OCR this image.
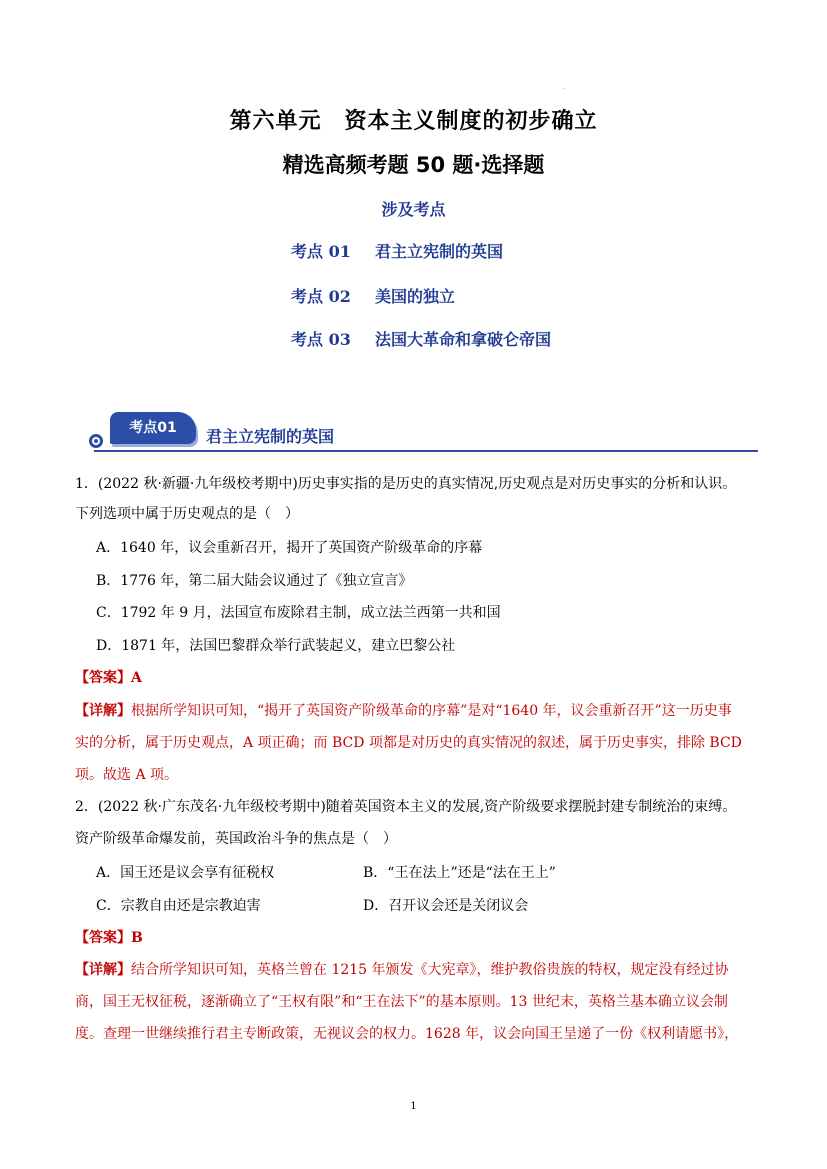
.
第六单元　资本主义制度的初步确立
精选高频考题 50 题·选择题
涉及考点
考点 01 君主立宪制的英国
考点 02 美国的独立
考点 03 法国大革命和拿破仑帝国
考点01	君主立宪制的英国
1．(2022 秋·新疆·九年级校考期中)历史事实指的是历史的真实情况,历史观点是对历史事实的分析和认识。
下列选项中属于历史观点的是（　）
A．1640 年，议会重新召开，揭开了英国资产阶级革命的序幕
B．1776 年，第二届大陆会议通过了《独立宣言》
C．1792 年 9 月，法国宣布废除君主制，成立法兰西第一共和国
D．1871 年，法国巴黎群众举行武装起义，建立巴黎公社
【答案】A
【详解】根据所学知识可知，“揭开了英国资产阶级革命的序幕”是对“1640 年，议会重新召开”这一历史事
实的分析，属于历史观点，A 项正确；而 BCD 项都是对历史的真实情况的叙述，属于历史事实，排除 BCD
项。故选 A 项。
2．(2022 秋·广东茂名·九年级校考期中)随着英国资本主义的发展,资产阶级要求摆脱封建专制统治的束缚。
资产阶级革命爆发前，英国政治斗争的焦点是（　）
A．国王还是议会享有征税权	B．“王在法上”还是“法在王上”
C．宗教自由还是宗教迫害	D．召开议会还是关闭议会
【答案】B
【详解】结合所学知识可知，英格兰曾在 1215 年颁发《大宪章》，维护教俗贵族的特权，规定没有经过协
商，国王无权征税，逐渐确立了“王权有限”和“王在法下”的基本原则。13 世纪末，英格兰基本确立议会制
度。查理一世继续推行君主专断政策，无视议会的权力。1628 年，议会向国王呈递了一份《权利请愿书》，
1
